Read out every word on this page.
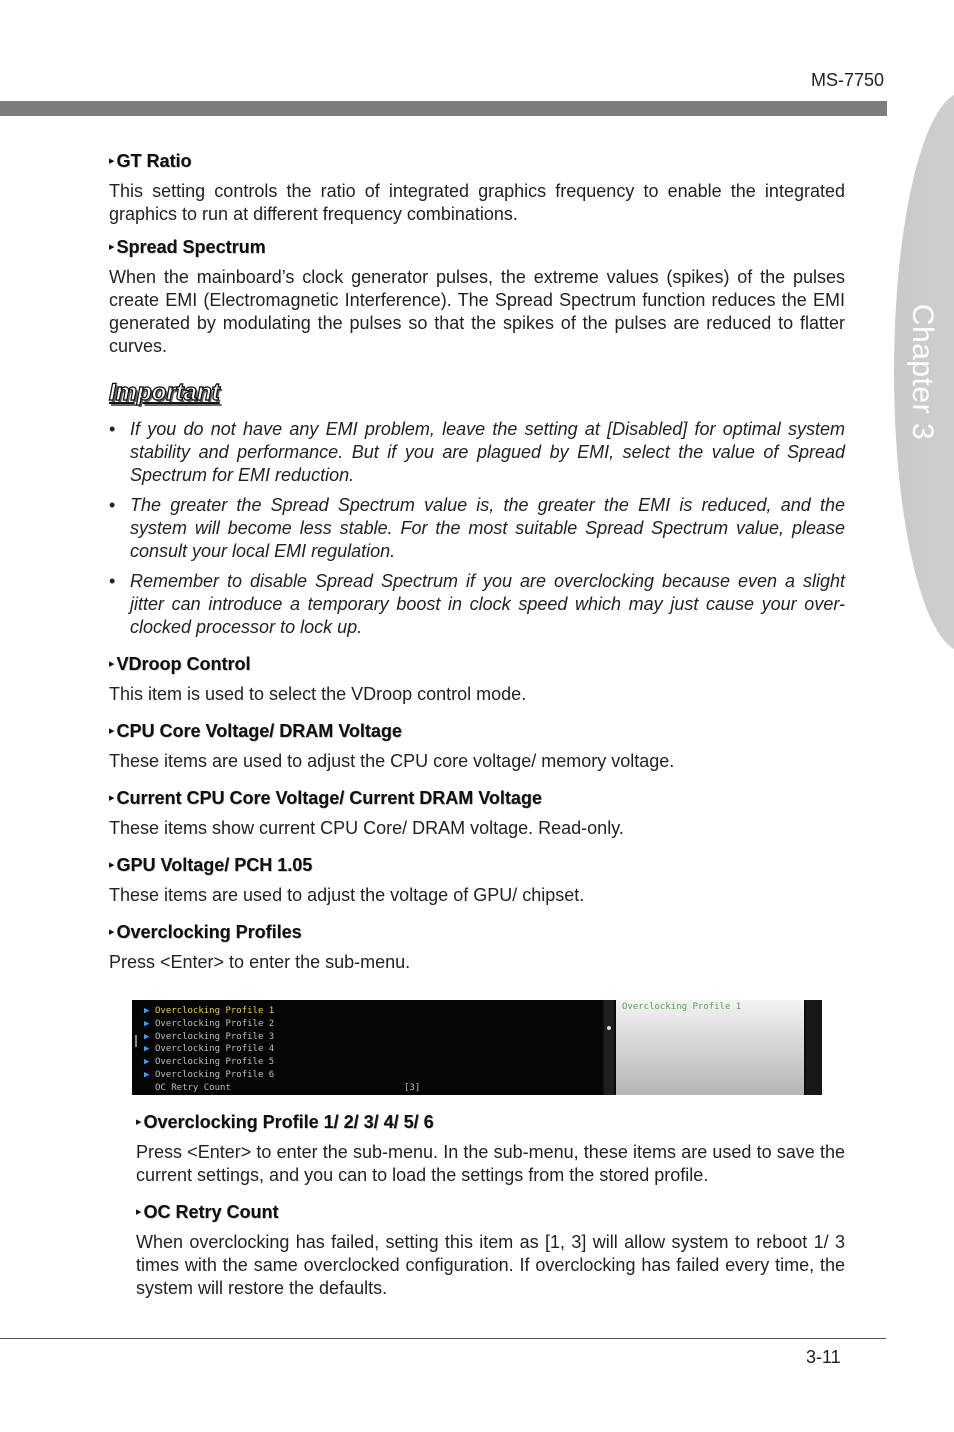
MS-7750
Chapter 3
▸ GT Ratio

This setting controls the ratio of integrated graphics frequency to enable the integrated graphics to run at different frequency combinations.

▸ Spread Spectrum

When the mainboard’s clock generator pulses, the extreme values (spikes) of the pulses create EMI (Electromagnetic Interference). The Spread Spectrum function reduces the EMI generated by modulating the pulses so that the spikes of the pulses are reduced to flatter curves.

Important
• If you do not have any EMI problem, leave the setting at [Disabled] for optimal system stability and performance. But if you are plagued by EMI, select the value of Spread Spectrum for EMI reduction.
• The greater the Spread Spectrum value is, the greater the EMI is reduced, and the system will become less stable. For the most suitable Spread Spectrum value, please consult your local EMI regulation.
• Remember to disable Spread Spectrum if you are overclocking because even a slight jitter can introduce a temporary boost in clock speed which may just cause your over-clocked processor to lock up.
▸ VDroop Control

This item is used to select the VDroop control mode.

▸ CPU Core Voltage/ DRAM Voltage

These items are used to adjust the CPU core voltage/ memory voltage.

▸ Current CPU Core Voltage/ Current DRAM Voltage

These items show current CPU Core/ DRAM voltage. Read-only.

▸ GPU Voltage/ PCH 1.05

These items are used to adjust the voltage of GPU/ chipset.

▸ Overclocking Profiles

Press <Enter> to enter the sub-menu.

▶ Overclocking Profile 1
▶ Overclocking Profile 2
▶ Overclocking Profile 3
▶ Overclocking Profile 4
▶ Overclocking Profile 5
▶ Overclocking Profile 6
OC Retry Count	[3]
Overclocking Profile 1
▸ Overclocking Profile 1/ 2/ 3/ 4/ 5/ 6

Press <Enter> to enter the sub-menu. In the sub-menu, these items are used to save the current settings, and you can to load the settings from the stored profile.

▸ OC Retry Count

When overclocking has failed, setting this item as [1, 3] will allow system to reboot 1/ 3 times with the same overclocked configuration. If overclocking has failed every time, the system will restore the defaults.

3-11
